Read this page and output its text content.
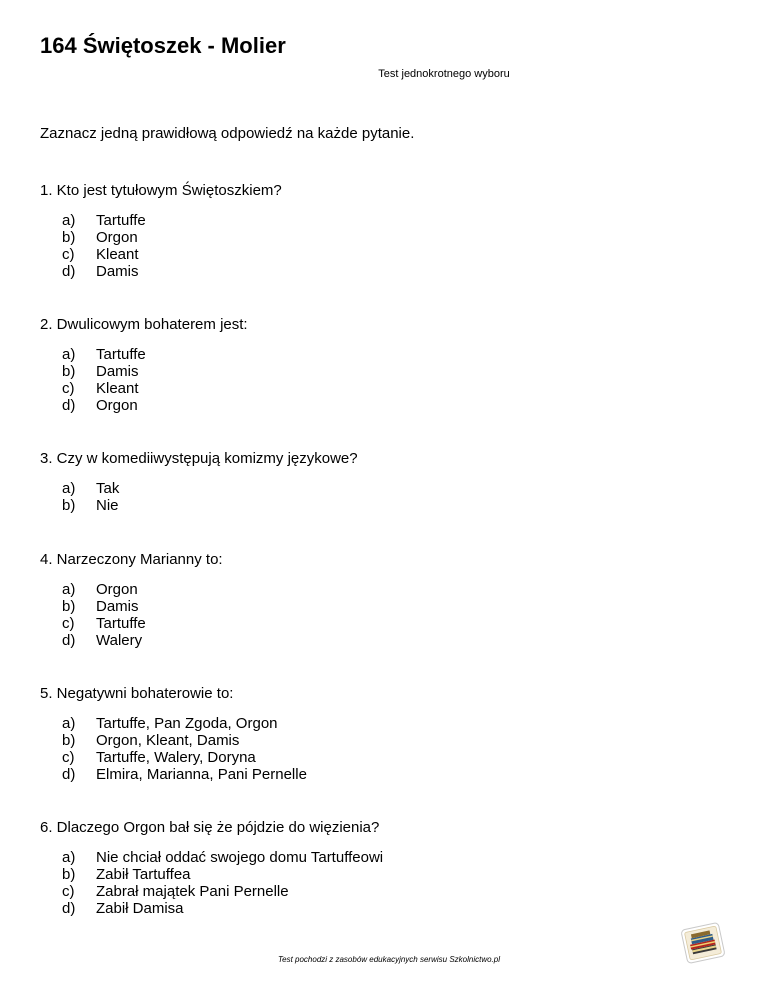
164 Świętoszek - Molier
Test jednokrotnego wyboru
Zaznacz jedną prawidłową odpowiedź na każde pytanie.
1. Kto jest tytułowym Świętoszkiem?
a)	Tartuffe
b)	Orgon
c)	Kleant
d)	Damis
2. Dwulicowym bohaterem jest:
a)	Tartuffe
b)	Damis
c)	Kleant
d)	Orgon
3. Czy w komediiwystępują komizmy językowe?
a)	Tak
b)	Nie
4. Narzeczony Marianny to:
a)	Orgon
b)	Damis
c)	Tartuffe
d)	Walery
5. Negatywni bohaterowie to:
a)	Tartuffe, Pan Zgoda, Orgon
b)	Orgon, Kleant, Damis
c)	Tartuffe, Walery, Doryna
d)	Elmira, Marianna, Pani Pernelle
6. Dlaczego Orgon bał się że pójdzie do więzienia?
a)	Nie chciał oddać swojego domu Tartuffeowi
b)	Zabił Tartuffea
c)	Zabrał majątek Pani Pernelle
d)	Zabił Damisa
Test pochodzi z zasobów edukacyjnych serwisu Szkolnictwo.pl
